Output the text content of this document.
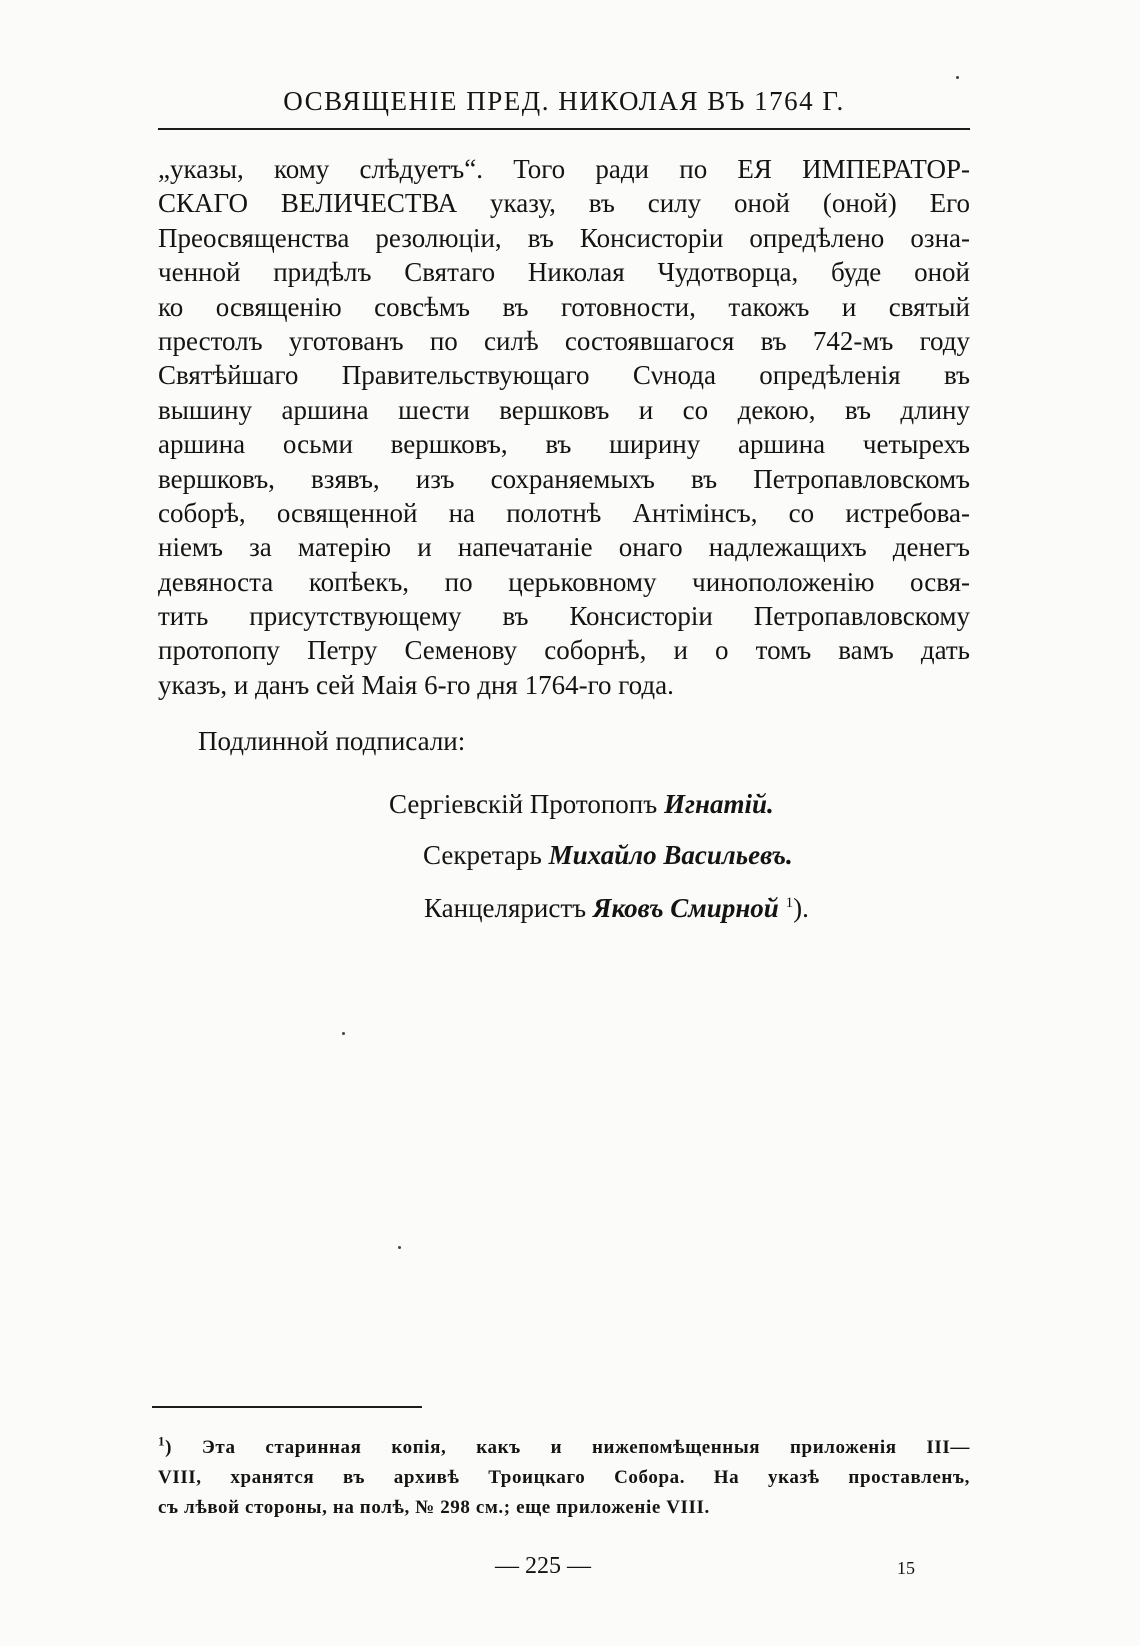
ОСВЯЩЕНІЕ ПРЕД. НИКОЛАЯ ВЪ 1764 Г.
„указы, кому слѣдуетъ“. Того ради по ЕЯ ИМПЕРАТОР-
СКАГО ВЕЛИЧЕСТВА указу, въ силу оной (оной) Его
Преосвященства резолюціи, въ Консисторіи опредѣлено озна-
ченной придѣлъ Святаго Николая Чудотворца, буде оной
ко освященію совсѣмъ въ готовности, такожъ и святый
престолъ уготованъ по силѣ состоявшагося въ 742-мъ году
Святѣйшаго Правительствующаго Сνнода опредѣленія въ
вышину аршина шести вершковъ и со декою, въ длину
аршина осьми вершковъ, въ ширину аршина четырехъ
вершковъ, взявъ, изъ сохраняемыхъ въ Петропавловскомъ
соборѣ, освященной на полотнѣ Антімінсъ, со истребова-
ніемъ за матерію и напечатаніе онаго надлежащихъ денегъ
девяноста копѣекъ, по церьковному чиноположенію освя-
тить присутствующему въ Консисторіи Петропавловскому
протопопу Петру Семенову соборнѣ, и о томъ вамъ дать
указъ, и данъ сей Маія 6-го дня 1764-го года.
Подлинной подписали:
Сергіевскій Протопопъ Игнатій.
Секретарь Михайло Васильевъ.
Канцеляристъ Яковъ Смирной $^1$).
$^1$) Эта старинная копія, какъ и нижепомѣщенныя приложенія III—
VIII, хранятся въ архивѣ Троицкаго Собора. На указѣ проставленъ,
съ лѣвой стороны, на полѣ, № 298 см.; еще приложеніе VIII.
— 225 —	15
